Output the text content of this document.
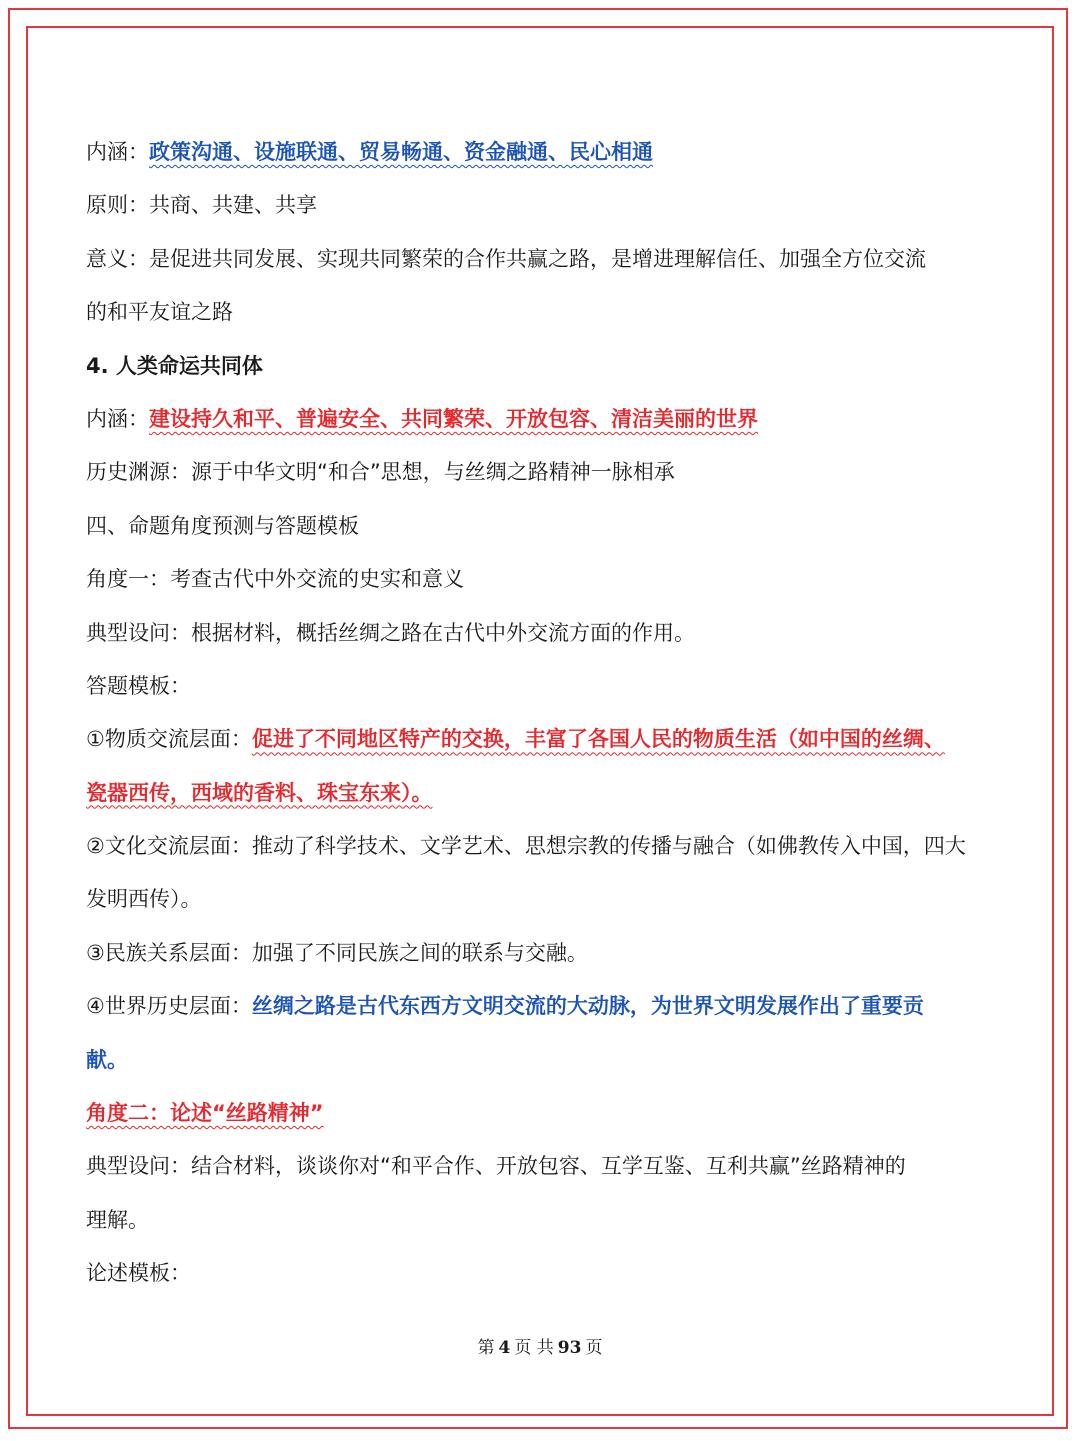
内涵：政策沟通、设施联通、贸易畅通、资金融通、民心相通
原则：共商、共建、共享
意义：是促进共同发展、实现共同繁荣的合作共赢之路，是增进理解信任、加强全方位交流
的和平友谊之路
4. 人类命运共同体
内涵：建设持久和平、普遍安全、共同繁荣、开放包容、清洁美丽的世界
历史渊源：源于中华文明“和合”思想，与丝绸之路精神一脉相承
四、命题角度预测与答题模板
角度一：考查古代中外交流的史实和意义
典型设问：根据材料，概括丝绸之路在古代中外交流方面的作用。
答题模板：
①物质交流层面：促进了不同地区特产的交换，丰富了各国人民的物质生活（如中国的丝绸、
瓷器西传，西域的香料、珠宝东来）。
②文化交流层面：推动了科学技术、文学艺术、思想宗教的传播与融合（如佛教传入中国，四大
发明西传）。
③民族关系层面：加强了不同民族之间的联系与交融。
④世界历史层面：丝绸之路是古代东西方文明交流的大动脉，为世界文明发展作出了重要贡
献。
角度二：论述“丝路精神”
典型设问：结合材料，谈谈你对“和平合作、开放包容、互学互鉴、互利共赢”丝路精神的
理解。
论述模板：
第 4 页 共 93 页
